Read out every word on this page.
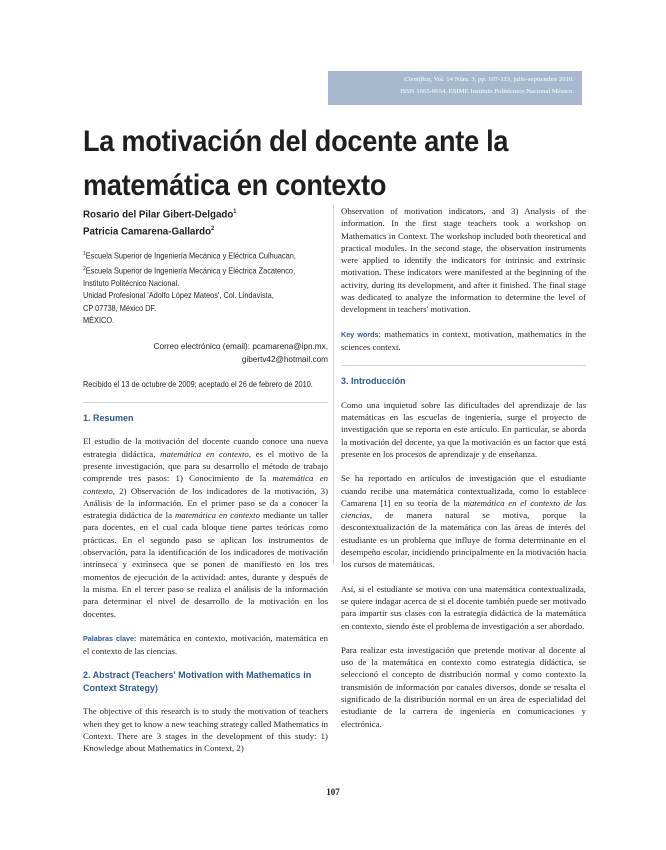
Científica, Vol. 14 Núm. 3, pp. 107-113, julio-septiembre 2010.
ISSN 1665-0654, ESIME Instituto Politécnico Nacional México.
La motivación del docente ante la matemática en contexto
Rosario del Pilar Gibert-Delgado$^1$
Patricia Camarena-Gallardo$^2$
$^1$Escuela Superior de Ingeniería Mecánica y Eléctrica Culhuacan,
$^2$Escuela Superior de Ingeniería Mecánica y Eléctrica Zacatenco,
Instituto Politécnico Nacional.
Unidad Profesional 'Adolfo López Mateos', Col. Lindavista,
CP 07738, México DF.
MÉXICO.
Correo electrónico (email): pcamarena@ipn.mx,
gibertv42@hotmail.com
Recibido el 13 de octubre de 2009; aceptado el 26 de febrero de 2010.
1. Resumen

El estudio de la motivación del docente cuando conoce una nueva estrategia didáctica, matemática en contexto, es el motivo de la presente investigación, que para su desarrollo el método de trabajo comprende tres pasos: 1) Conocimiento de la matemática en contexto, 2) Observación de los indicadores de la motivación, 3) Análisis de la información. En el primer paso se da a conocer la estrategia didáctica de la matemática en contexto mediante un taller para docentes, en el cual cada bloque tiene partes teóricas como prácticas. En el segundo paso se aplican los instrumentos de observación, para la identificación de los indicadores de motivación intrínseca y extrínseca que se ponen de manifiesto en los tres momentos de ejecución de la actividad: antes, durante y después de la misma. En el tercer paso se realiza el análisis de la información para determinar el nivel de desarrollo de la motivación en los docentes.

Palabras clave: matemática en contexto, motivación, matemática en el contexto de las ciencias.

2. Abstract (Teachers' Motivation with Mathematics in Context Strategy)

The objective of this research is to study the motivation of teachers when they get to know a new teaching strategy called Mathematics in Context. There are 3 stages in the development of this study: 1) Knowledge about Mathematics in Context, 2)

Observation of motivation indicators, and 3) Analysis of the information. In the first stage teachers took a workshop on Mathematics in Context. The workshop included both theoretical and practical modules. In the second stage, the observation instruments were applied to identify the indicators for intrinsic and extrinsic motivation. These indicators were manifested at the beginning of the activity, during its development, and after it finished. The final stage was dedicated to analyze the information to determine the level of development in teachers' motivation.

Key words: mathematics in context, motivation, mathematics in the sciences context.

3. Introducción

Como una inquietud sobre las dificultades del aprendizaje de las matemáticas en las escuelas de ingeniería, surge el proyecto de investigación que se reporta en este artículo. En particular, se aborda la motivación del docente, ya que la motivación es un factor que está presente en los procesos de aprendizaje y de enseñanza.

Se ha reportado en artículos de investigación que el estudiante cuando recibe una matemática contextualizada, como lo establece Camarena [1] en su teoría de la matemática en el contexto de las ciencias, de manera natural se motiva, porque la descontextualización de la matemática con las áreas de interés del estudiante es un problema que influye de forma determinante en el desempeño escolar, incidiendo principalmente en la motivación hacia los cursos de matemáticas.

Así, si el estudiante se motiva con una matemática contextualizada, se quiere indagar acerca de si el docente también puede ser motivado para impartir sus clases con la estrategia didáctica de la matemática en contexto, siendo éste el problema de investigación a ser abordado.

Para realizar esta investigación que pretende motivar al docente al uso de la matemática en contexto como estrategia didáctica, se seleccionó el concepto de distribución normal y como contexto la transmisión de información por canales diversos, donde se resalta el significado de la distribución normal en un área de especialidad del estudiante de la carrera de ingeniería en comunicaciones y electrónica.

107
